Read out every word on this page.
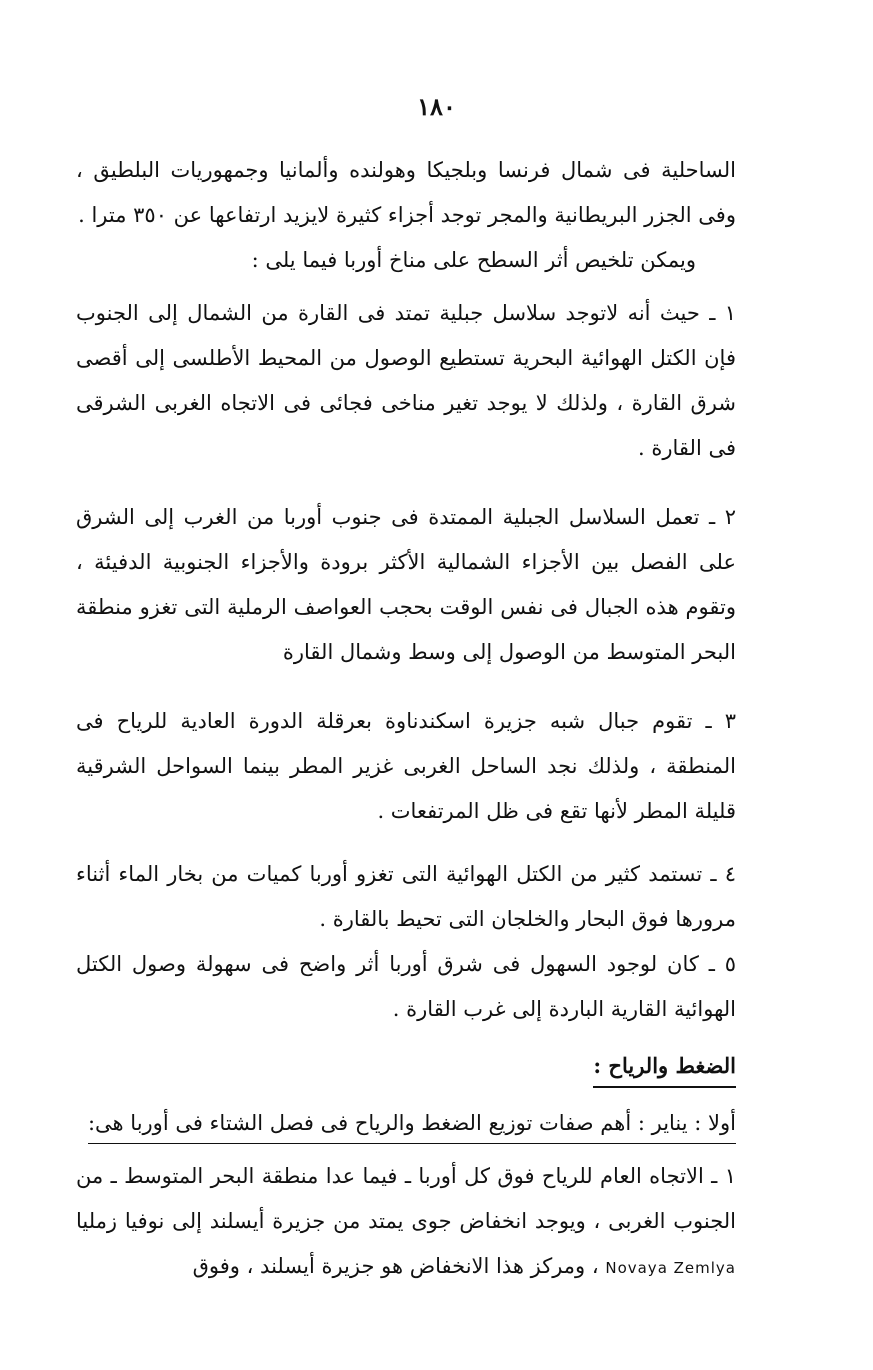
١٨٠

الساحلية فى شمال فرنسا وبلجيكا وهولنده وألمانيا وجمهوريات البلطيق ، وفى الجزر البريطانية والمجر توجد أجزاء كثيرة لايزيد ارتفاعها عن ٣٥٠ مترا .

ويمكن تلخيص أثر السطح على مناخ أوربا فيما يلى :

١ ـ حيث أنه لاتوجد سلاسل جبلية تمتد فى القارة من الشمال إلى الجنوب فإن الكتل الهوائية البحرية تستطيع الوصول من المحيط الأطلسى إلى أقصى شرق القارة ، ولذلك لا يوجد تغير مناخى فجائى فى الاتجاه الغربى الشرقى فى القارة .

٢ ـ تعمل السلاسل الجبلية الممتدة فى جنوب أوربا من الغرب إلى الشرق على الفصل بين الأجزاء الشمالية الأكثر برودة والأجزاء الجنوبية الدفيئة ، وتقوم هذه الجبال فى نفس الوقت بحجب العواصف الرملية التى تغزو منطقة البحر المتوسط من الوصول إلى وسط وشمال القارة

٣ ـ تقوم جبال شبه جزيرة اسكندناوة بعرقلة الدورة العادية للرياح فى المنطقة ، ولذلك نجد الساحل الغربى غزير المطر بينما السواحل الشرقية قليلة المطر لأنها تقع فى ظل المرتفعات .

٤ ـ تستمد كثير من الكتل الهوائية التى تغزو أوربا كميات من بخار الماء أثناء مرورها فوق البحار والخلجان التى تحيط بالقارة .

٥ ـ كان لوجود السهول فى شرق أوربا أثر واضح فى سهولة وصول الكتل الهوائية القارية الباردة إلى غرب القارة .

الضغط والرياح :
أولا : يناير : أهم صفات توزيع الضغط والرياح فى فصل الشتاء فى أوربا هى:

١ ـ الاتجاه العام للرياح فوق كل أوربا ـ فيما عدا منطقة البحر المتوسط ـ من الجنوب الغربى ، ويوجد انخفاض جوى يمتد من جزيرة أيسلند إلى نوفيا زمليا Novaya Zemlya ، ومركز هذا الانخفاض هو جزيرة أيسلند ، وفوق
